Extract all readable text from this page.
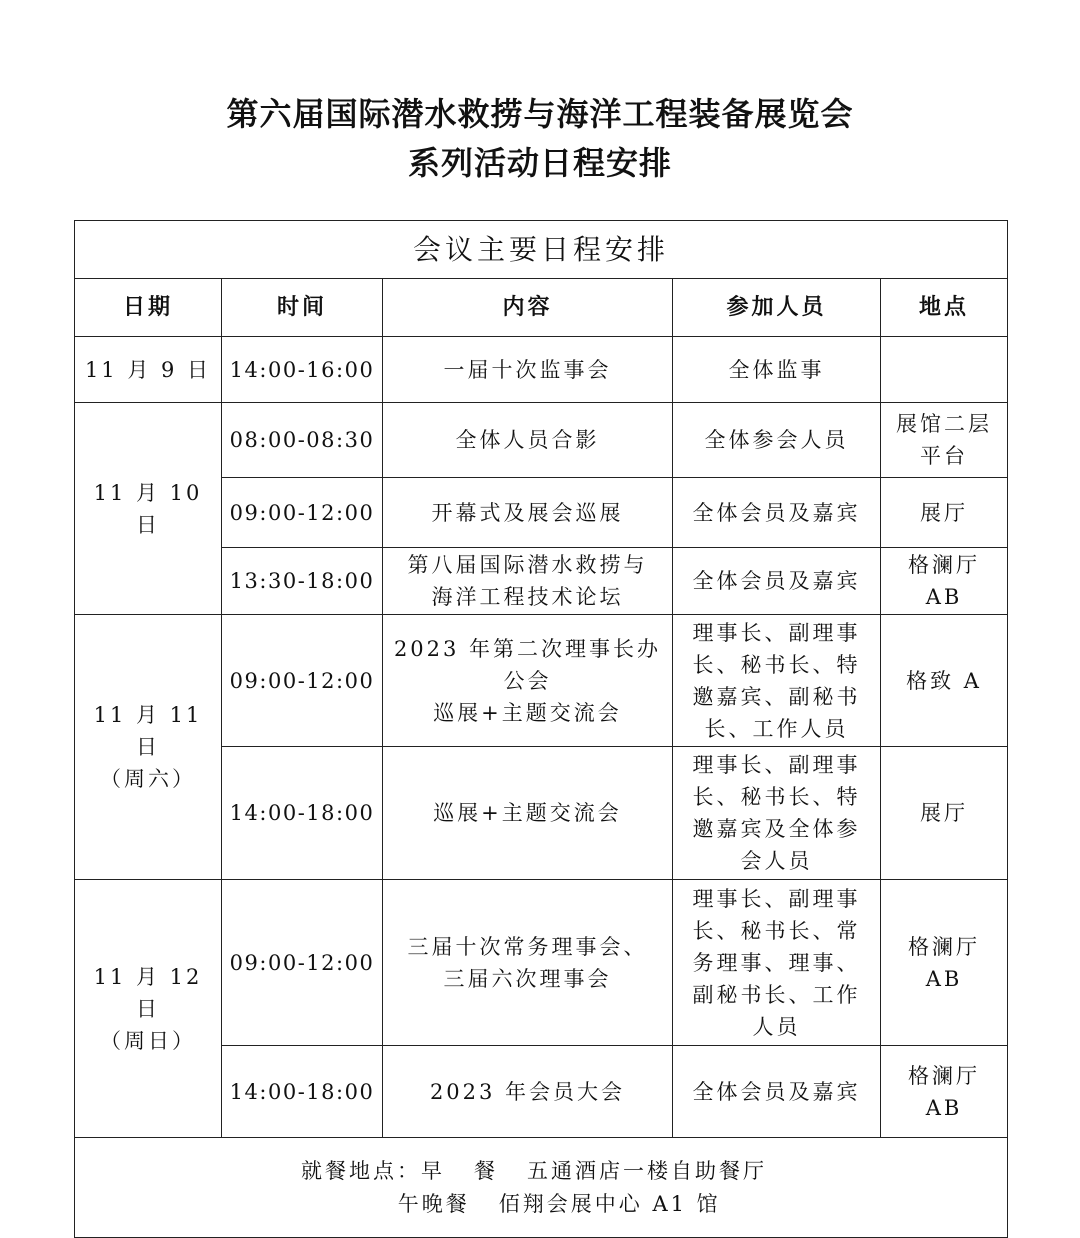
第六届国际潜水救捞与海洋工程装备展览会
系列活动日程安排
会议主要日程安排				
日期	时间	内容	参加人员	地点

11 月 9 日	14:00-16:00	一届十次监事会	全体监事	

11 月 10 日	08:00-08:30	全体人员合影	全体参会人员	展馆二层
平台

	09:00-12:00	开幕式及展会巡展	全体会员及嘉宾	展厅

	13:30-18:00	第八届国际潜水救捞与
海洋工程技术论坛	全体会员及嘉宾	格澜厅 AB

11 月 11 日
（周六）	09:00-12:00	2023 年第二次理事长办
公会
巡展+主题交流会	理事长、副理事
长、秘书长、特
邀嘉宾、副秘书
长、工作人员	格致 A

	14:00-18:00	巡展+主题交流会	理事长、副理事
长、秘书长、特
邀嘉宾及全体参
会人员	展厅

11 月 12 日
（周日）	09:00-12:00	三届十次常务理事会、
三届六次理事会	理事长、副理事
长、秘书长、常
务理事、理事、
副秘书长、工作
人员	格澜厅 AB

	14:00-18:00	2023 年会员大会	全体会员及嘉宾	格澜厅 AB

就餐地点：早   餐   五通酒店一楼自助餐厅
午晚餐   佰翔会展中心 A1 馆				
